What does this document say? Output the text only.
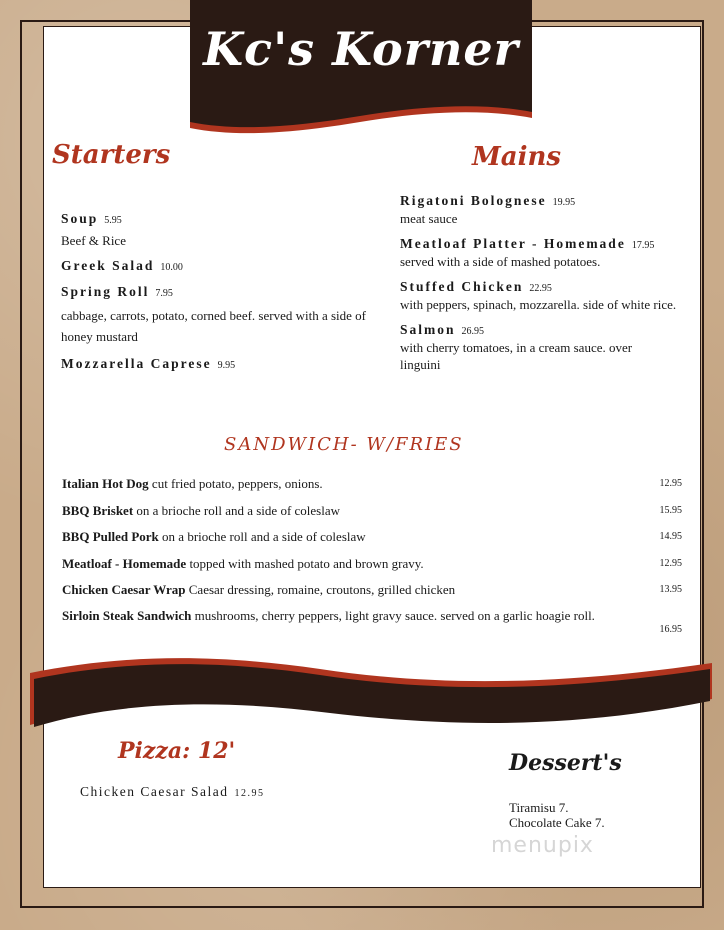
Kc's Korner
Starters	Mains
Soup 5.95
Beef & Rice
Greek Salad 10.00
Spring Roll 7.95
cabbage, carrots, potato, corned beef. served with a side of honey mustard
Mozzarella Caprese 9.95
Rigatoni Bolognese 19.95
meat sauce
Meatloaf Platter - Homemade 17.95
served with a side of mashed potatoes.
Stuffed Chicken 22.95
with peppers, spinach, mozzarella. side of white rice.
Salmon 26.95
with cherry tomatoes, in a cream sauce. over linguini
SANDWICH- W/FRIES
Italian Hot Dog cut fried potato, peppers, onions.	12.95
BBQ Brisket on a brioche roll and a side of coleslaw	15.95
BBQ Pulled Pork on a brioche roll and a side of coleslaw	14.95
Meatloaf - Homemade topped with mashed potato and brown gravy.	12.95
Chicken Caesar Wrap Caesar dressing, romaine, croutons, grilled chicken	13.95
Sirloin Steak Sandwich mushrooms, cherry peppers, light gravy sauce. served on a garlic hoagie roll.
16.95
Pizza: 12'
Chicken Caesar Salad 12.95
Dessert's
Tiramisu 7.
Chocolate Cake 7.
menupix
